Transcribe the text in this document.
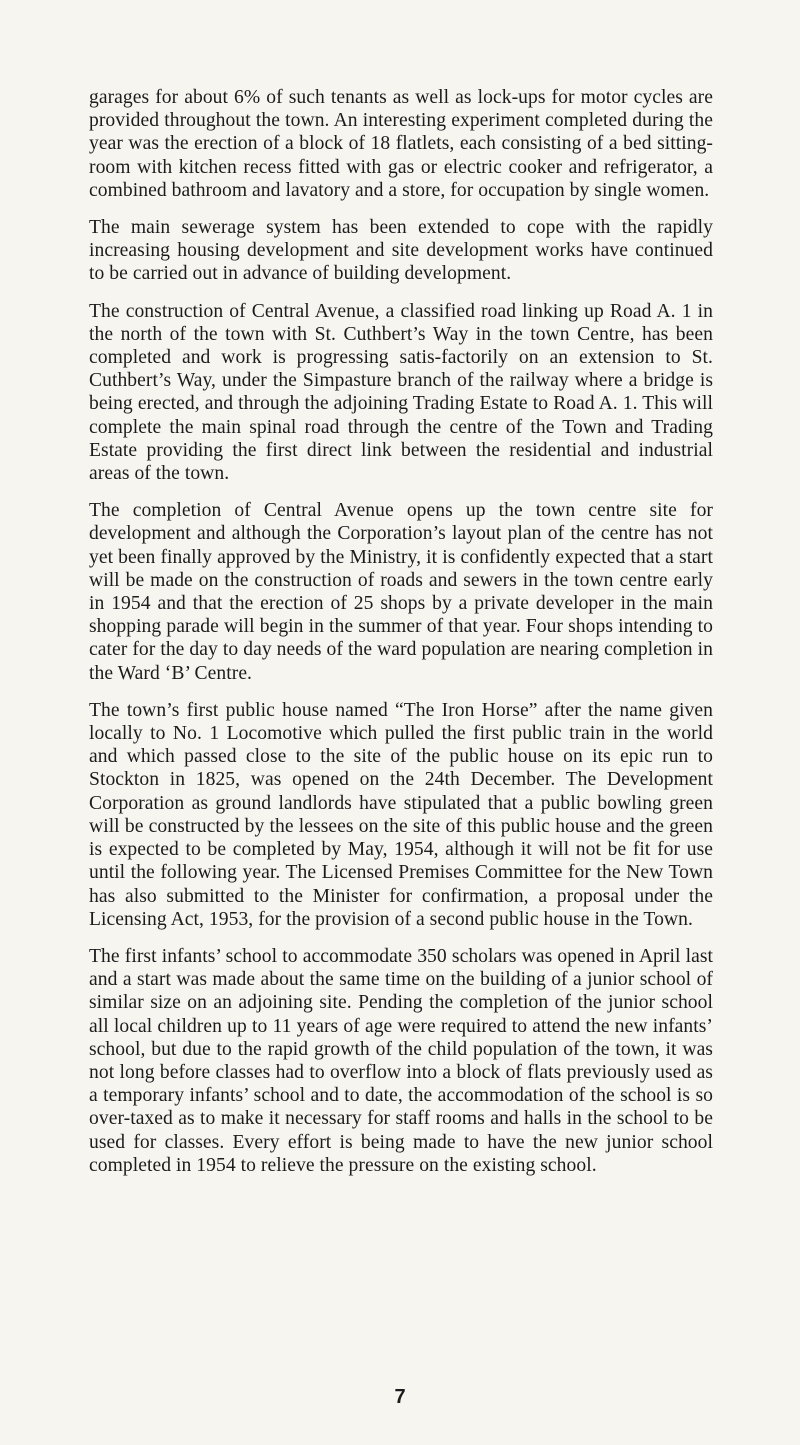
garages for about 6% of such tenants as well as lock-ups for motor cycles are provided throughout the town. An interesting experiment completed during the year was the erection of a block of 18 flatlets, each consisting of a bed sitting-room with kitchen recess fitted with gas or electric cooker and refrigerator, a combined bathroom and lavatory and a store, for occupation by single women.

The main sewerage system has been extended to cope with the rapidly increasing housing development and site development works have continued to be carried out in advance of building development.

The construction of Central Avenue, a classified road linking up Road A. 1 in the north of the town with St. Cuthbert’s Way in the town Centre, has been completed and work is progressing satis-factorily on an extension to St. Cuthbert’s Way, under the Simpasture branch of the railway where a bridge is being erected, and through the adjoining Trading Estate to Road A. 1. This will complete the main spinal road through the centre of the Town and Trading Estate providing the first direct link between the residential and industrial areas of the town.

The completion of Central Avenue opens up the town centre site for development and although the Corporation’s layout plan of the centre has not yet been finally approved by the Ministry, it is confidently expected that a start will be made on the construction of roads and sewers in the town centre early in 1954 and that the erection of 25 shops by a private developer in the main shopping parade will begin in the summer of that year. Four shops intending to cater for the day to day needs of the ward population are nearing completion in the Ward ‘B’ Centre.

The town’s first public house named “The Iron Horse” after the name given locally to No. 1 Locomotive which pulled the first public train in the world and which passed close to the site of the public house on its epic run to Stockton in 1825, was opened on the 24th December. The Development Corporation as ground landlords have stipulated that a public bowling green will be constructed by the lessees on the site of this public house and the green is expected to be completed by May, 1954, although it will not be fit for use until the following year. The Licensed Premises Committee for the New Town has also submitted to the Minister for confirmation, a proposal under the Licensing Act, 1953, for the provision of a second public house in the Town.

The first infants’ school to accommodate 350 scholars was opened in April last and a start was made about the same time on the building of a junior school of similar size on an adjoining site. Pending the completion of the junior school all local children up to 11 years of age were required to attend the new infants’ school, but due to the rapid growth of the child population of the town, it was not long before classes had to overflow into a block of flats previously used as a temporary infants’ school and to date, the accommodation of the school is so over-taxed as to make it necessary for staff rooms and halls in the school to be used for classes. Every effort is being made to have the new junior school completed in 1954 to relieve the pressure on the existing school.

7
